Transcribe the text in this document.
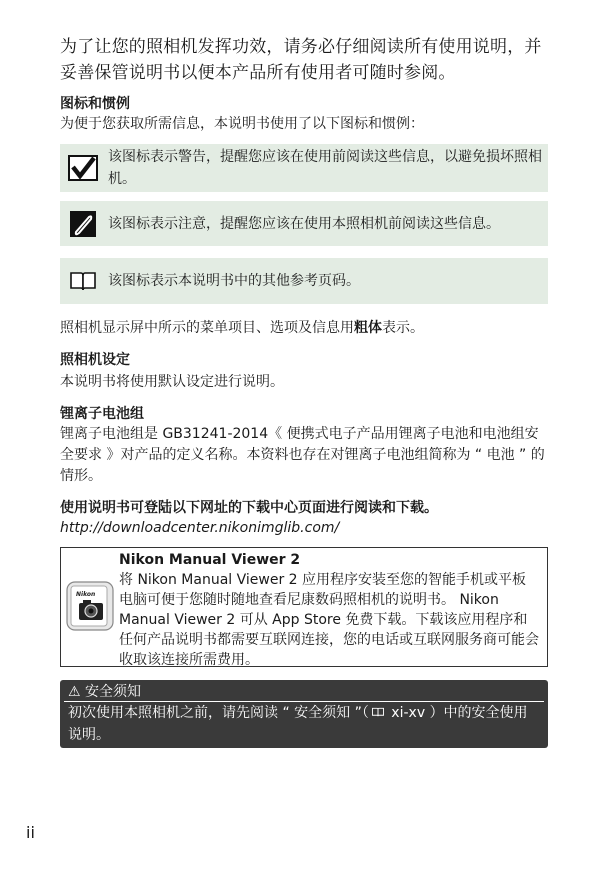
为了让您的照相机发挥功效，请务必仔细阅读所有使用说明，并妥善保管说明书以便本产品所有使用者可随时参阅。
图标和惯例
为便于您获取所需信息，本说明书使用了以下图标和惯例：
该图标表示警告，提醒您应该在使用前阅读这些信息，以避免损坏照相机。
该图标表示注意，提醒您应该在使用本照相机前阅读这些信息。
该图标表示本说明书中的其他参考页码。
照相机显示屏中所示的菜单项目、选项及信息用粗体表示。
照相机设定
本说明书将使用默认设定进行说明。
锂离子电池组
锂离子电池组是 GB31241-2014《 便携式电子产品用锂离子电池和电池组安全要求 》对产品的定义名称。本资料也存在对锂离子电池组简称为 “ 电池 ” 的情形。
使用说明书可登陆以下网址的下载中心页面进行阅读和下载。
http://downloadcenter.nikonimglib.com/
Nikon
Nikon Manual Viewer 2
将 Nikon Manual Viewer 2 应用程序安装至您的智能手机或平板电脑可便于您随时随地查看尼康数码照相机的说明书。 Nikon Manual Viewer 2 可从 App Store 免费下载。下载该应用程序和任何产品说明书都需要互联网连接，您的电话或互联网服务商可能会收取该连接所需费用。
⚠ 安全须知
初次使用本照相机之前，请先阅读 “ 安全须知 ”（ xi-xv ）中的安全使用说明。
ii
